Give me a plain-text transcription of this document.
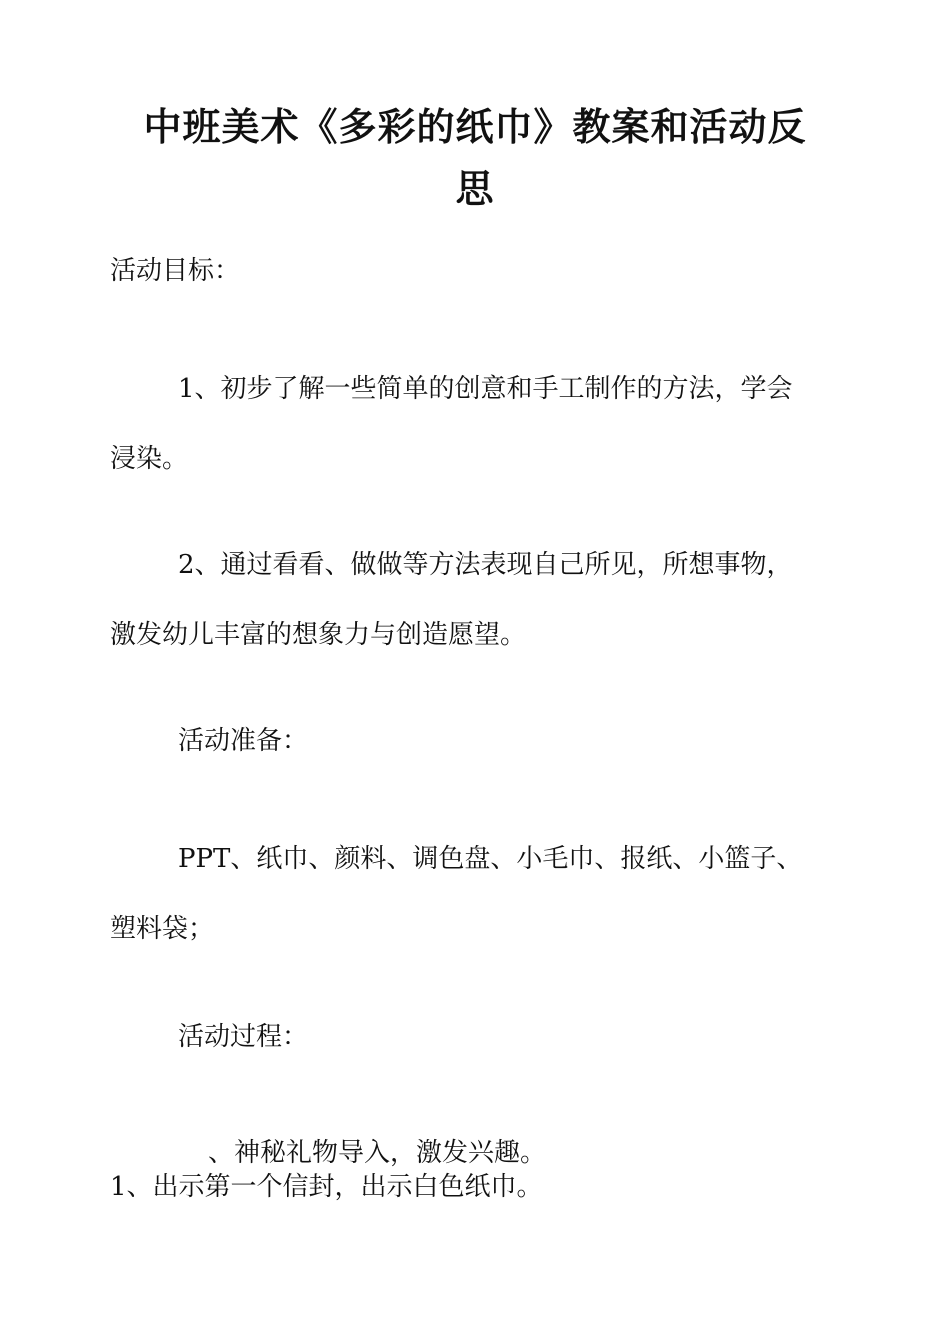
中班美术《多彩的纸巾》教案和活动反
思

活动目标：

1、初步了解一些简单的创意和手工制作的方法，学会
浸染。

2、通过看看、做做等方法表现自己所见，所想事物，
激发幼儿丰富的想象力与创造愿望。

活动准备：

PPT、纸巾、颜料、调色盘、小毛巾、报纸、小篮子、
塑料袋；

活动过程：

、神秘礼物导入，激发兴趣。

1、出示第一个信封，出示白色纸巾。
